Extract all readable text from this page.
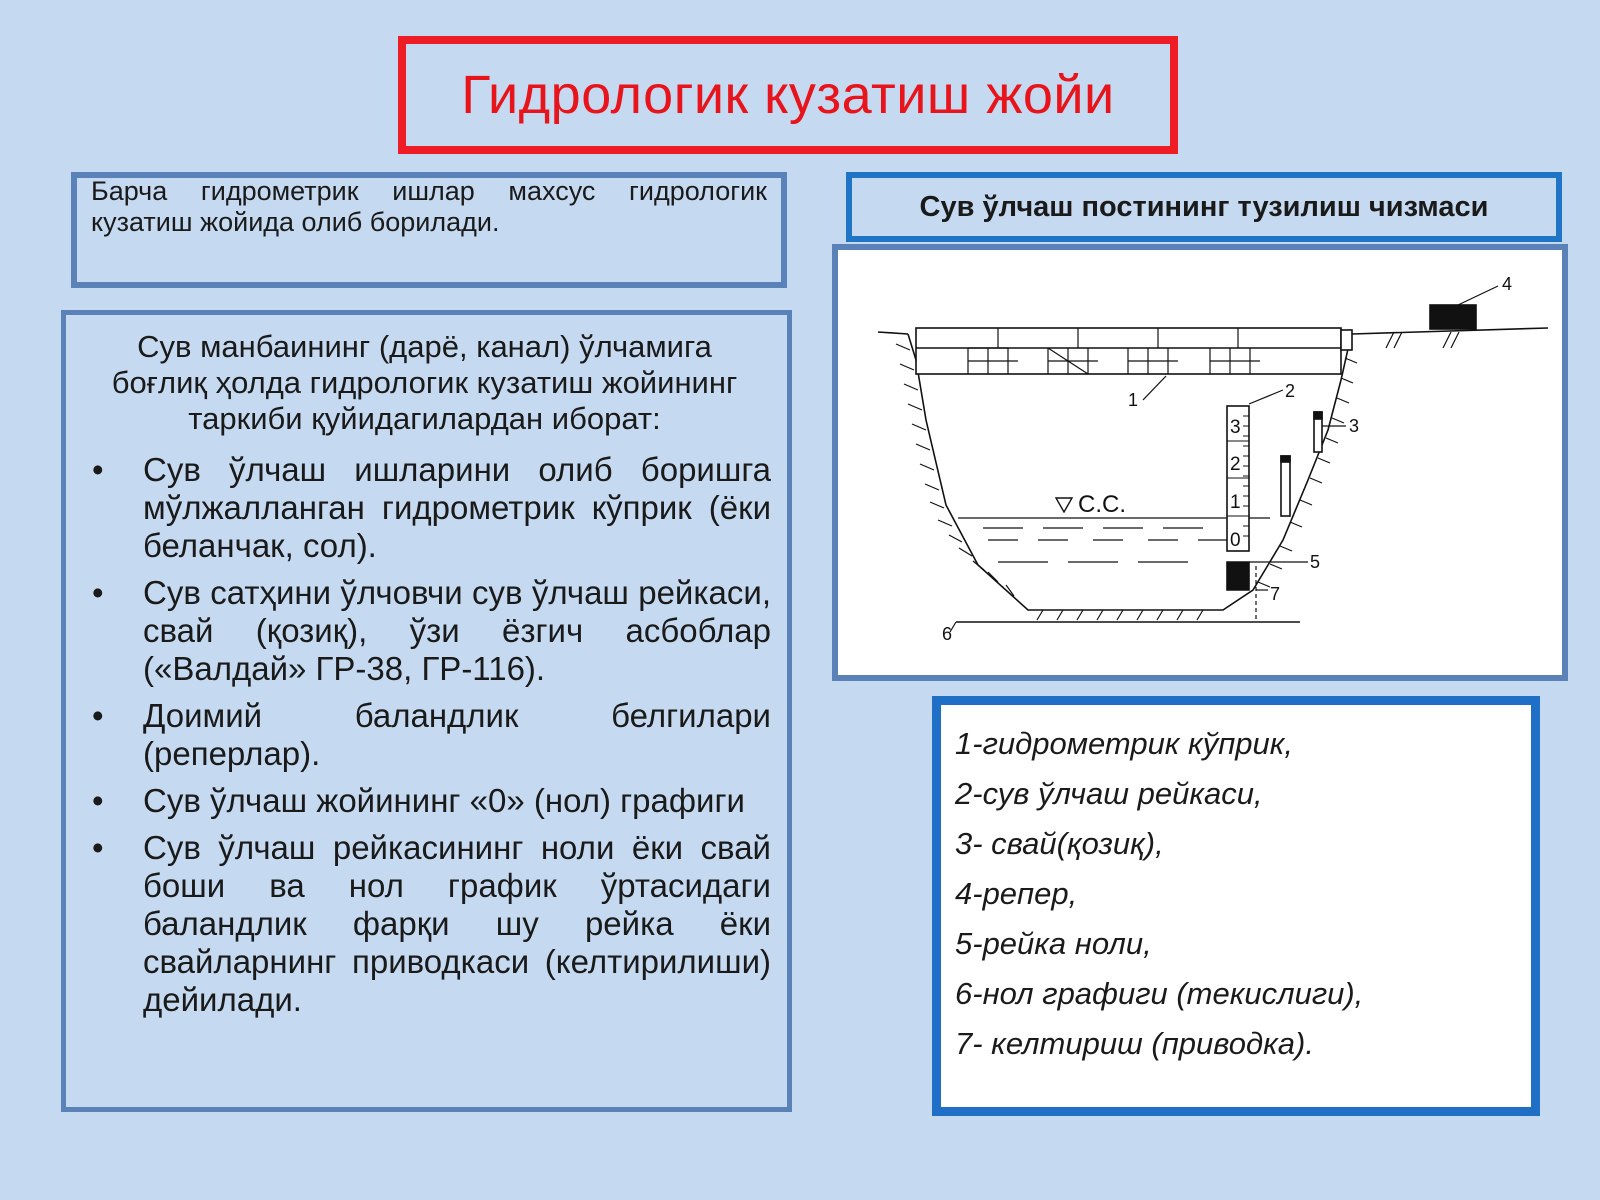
Гидрологик кузатиш жойи
Барча гидрометрик ишлар махсус гидрологик кузатиш жойида олиб борилади.
Сув манбаининг (дарё, канал) ўлчамига боғлиқ ҳолда гидрологик кузатиш жойининг таркиби қуйидагилардан иборат:
• Сув ўлчаш ишларини олиб боришга мўлжалланган гидрометрик кўприк (ёки беланчак, сол).
• Сув сатҳини ўлчовчи сув ўлчаш рейкаси, свай (қозиқ), ўзи ёзгич асбоблар («Валдай» ГР-38, ГР-116).
• Доимий баландлик белгилари (реперлар).
• Сув ўлчаш жойининг «0» (нол) графиги
• Сув ўлчаш рейкасининг ноли ёки свай боши ва нол график ўртасидаги баландлик фарқи шу рейка ёки свайларнинг приводкаси (келтирилиши) дейилади.
Сув ўлчаш постининг тузилиш чизмаси
1	2
3
4
5
6
7
3
2
1
0
С.С.
1-гидрометрик кўприк,
2-сув ўлчаш рейкаси,
3- свай(қозиқ),
4-репер,
5-рейка ноли,
6-нол графиги (текислиги),
7- келтириш (приводка).
